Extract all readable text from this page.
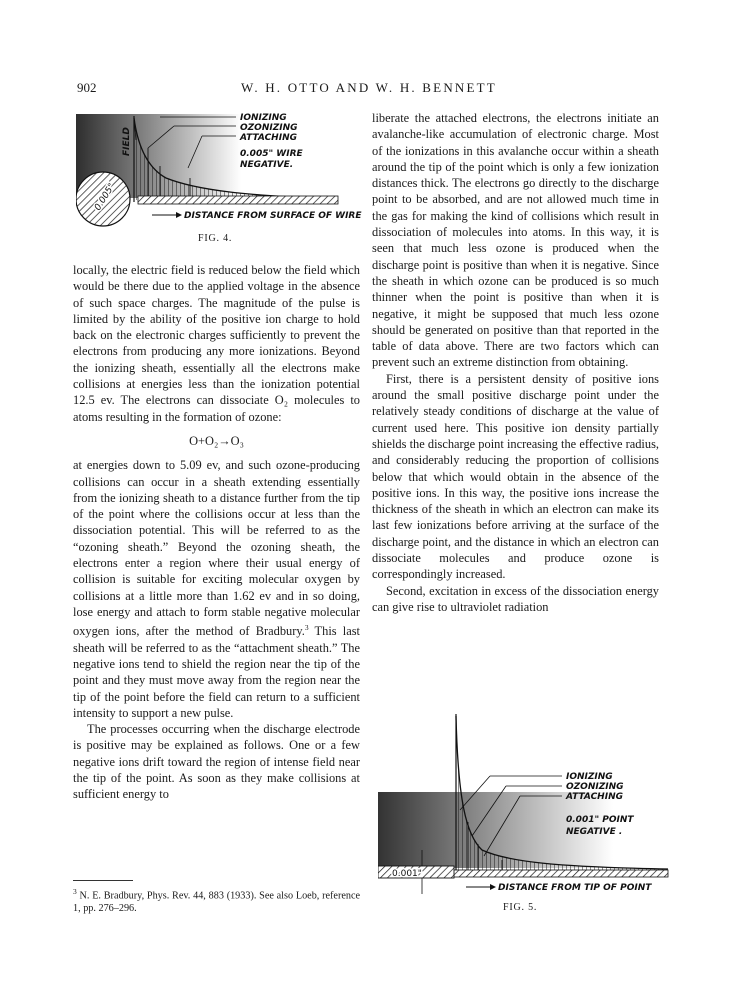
902	W. H. OTTO AND W. H. BENNETT
0.005"
FIELD
IONIZING
OZONIZING
ATTACHING
0.005" WIRE
NEGATIVE.
DISTANCE FROM SURFACE OF WIRE
FIG. 4.

locally, the electric field is reduced below the field which would be there due to the applied voltage in the absence of such space charges. The magnitude of the pulse is limited by the ability of the positive ion charge to hold back on the electronic charges sufficiently to prevent the electrons from producing any more ionizations. Beyond the ionizing sheath, essentially all the electrons make collisions at energies less than the ionization potential 12.5 ev. The electrons can dissociate O₂ molecules to atoms resulting in the formation of ozone:

O+O₂→O₃

at energies down to 5.09 ev, and such ozone-producing collisions can occur in a sheath extending essentially from the ionizing sheath to a distance further from the tip of the point where the collisions occur at less than the dissociation potential. This will be referred to as the “ozoning sheath.” Beyond the ozoning sheath, the electrons enter a region where their usual energy of collision is suitable for exciting molecular oxygen by collisions at a little more than 1.62 ev and in so doing, lose energy and attach to form stable negative molecular oxygen ions, after the method of Bradbury.$^3$ This last sheath will be referred to as the “attachment sheath.” The negative ions tend to shield the region near the tip of the point and they must move away from the region near the tip of the point before the field can return to a sufficient intensity to support a new pulse.

The processes occurring when the discharge electrode is positive may be explained as follows. One or a few negative ions drift toward the region of intense field near the tip of the point. As soon as they make collisions at sufficient energy to

liberate the attached electrons, the electrons initiate an avalanche-like accumulation of electronic charge. Most of the ionizations in this avalanche occur within a sheath around the tip of the point which is only a few ionization distances thick. The electrons go directly to the discharge point to be absorbed, and are not allowed much time in the gas for making the kind of collisions which result in dissociation of molecules into atoms. In this way, it is seen that much less ozone is produced when the discharge point is positive than when it is negative. Since the sheath in which ozone can be produced is so much thinner when the point is positive than when it is negative, it might be supposed that much less ozone should be generated on positive than that reported in the table of data above. There are two factors which can prevent such an extreme distinction from obtaining.

First, there is a persistent density of positive ions around the small positive discharge point under the relatively steady conditions of discharge at the value of current used here. This positive ion density partially shields the discharge point increasing the effective radius, and considerably reducing the proportion of collisions below that which would obtain in the absence of the positive ions. In this way, the positive ions increase the thickness of the sheath in which an electron can make its last few ionizations before arriving at the surface of the discharge point, and the distance in which an electron can dissociate molecules and produce ozone is correspondingly increased.

Second, excitation in excess of the dissociation energy can give rise to ultraviolet radiation

0.001"
IONIZING
OZONIZING
ATTACHING
0.001" POINT
NEGATIVE .
DISTANCE FROM TIP OF POINT
FIG. 5.
$^3$ N. E. Bradbury, Phys. Rev. 44, 883 (1933). See also Loeb, reference 1, pp. 276–296.
